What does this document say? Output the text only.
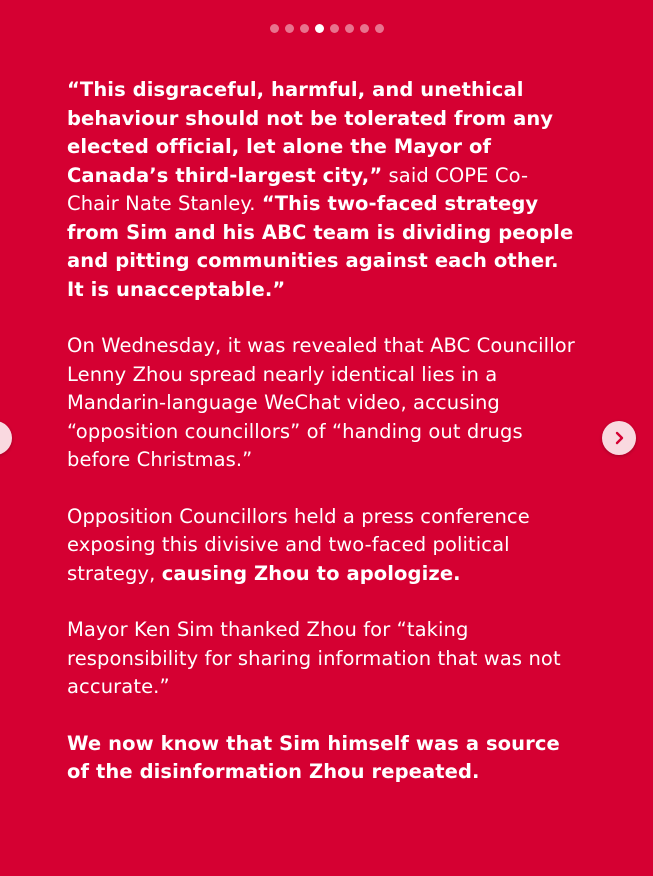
“This disgraceful, harmful, and unethical behaviour should not be tolerated from any elected official, let alone the Mayor of Canada’s third-largest city,” said COPE Co-Chair Nate Stanley. “This two-faced strategy from Sim and his ABC team is dividing people and pitting communities against each other. It is unacceptable.”

On Wednesday, it was revealed that ABC Councillor Lenny Zhou spread nearly identical lies in a Mandarin-language WeChat video, accusing “opposition councillors” of “handing out drugs before Christmas.”

Opposition Councillors held a press conference exposing this divisive and two-faced political strategy, causing Zhou to apologize.

Mayor Ken Sim thanked Zhou for “taking responsibility for sharing information that was not accurate.”

We now know that Sim himself was a source of the disinformation Zhou repeated.
